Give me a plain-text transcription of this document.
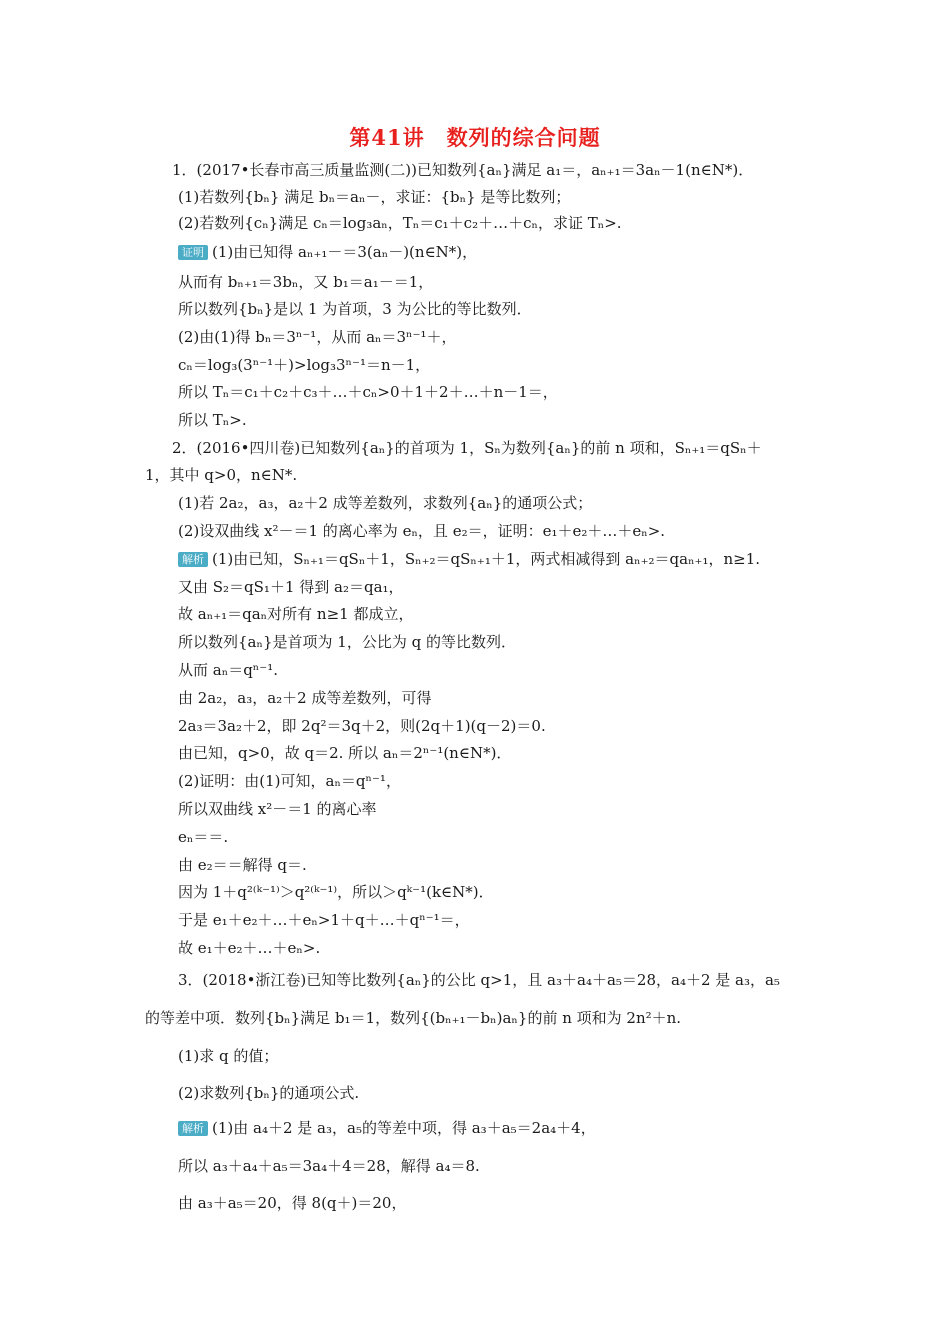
第41讲　数列的综合问题
1．(2017•长春市高三质量监测(二))已知数列{aₙ}满足 a₁＝，aₙ₊₁＝3aₙ－1(n∈N*)．
(1)若数列{bₙ} 满足 bₙ＝aₙ－，求证：{bₙ} 是等比数列；
(2)若数列{cₙ}满足 cₙ＝log₃aₙ，Tₙ＝c₁＋c₂＋…＋cₙ，求证 Tₙ>.
证明 (1)由已知得 aₙ₊₁－＝3(aₙ－)(n∈N*)，
从而有 bₙ₊₁＝3bₙ，又 b₁＝a₁－＝1，
所以数列{bₙ}是以 1 为首项，3 为公比的等比数列．
(2)由(1)得 bₙ＝3ⁿ⁻¹，从而 aₙ＝3ⁿ⁻¹＋，
cₙ＝log₃(3ⁿ⁻¹＋)>log₃3ⁿ⁻¹＝n－1，
所以 Tₙ＝c₁＋c₂＋c₃＋…＋cₙ>0＋1＋2＋…＋n－1＝，
所以 Tₙ>.
2．(2016•四川卷)已知数列{aₙ}的首项为 1，Sₙ为数列{aₙ}的前 n 项和，Sₙ₊₁＝qSₙ＋
1，其中 q>0，n∈N*.
(1)若 2a₂，a₃，a₂＋2 成等差数列，求数列{aₙ}的通项公式；
(2)设双曲线 x²－＝1 的离心率为 eₙ，且 e₂＝，证明：e₁＋e₂＋…＋eₙ>.
解析 (1)由已知，Sₙ₊₁＝qSₙ＋1，Sₙ₊₂＝qSₙ₊₁＋1，两式相减得到 aₙ₊₂＝qaₙ₊₁，n≥1.
又由 S₂＝qS₁＋1 得到 a₂＝qa₁，
故 aₙ₊₁＝qaₙ对所有 n≥1 都成立，
所以数列{aₙ}是首项为 1，公比为 q 的等比数列．
从而 aₙ＝qⁿ⁻¹.
由 2a₂，a₃，a₂＋2 成等差数列，可得
2a₃＝3a₂＋2，即 2q²＝3q＋2，则(2q＋1)(q－2)＝0.
由已知，q>0，故 q＝2. 所以 aₙ＝2ⁿ⁻¹(n∈N*)．
(2)证明：由(1)可知，aₙ＝qⁿ⁻¹，
所以双曲线 x²－＝1 的离心率
eₙ＝＝.
由 e₂＝＝解得 q＝.
因为 1＋q²⁽ᵏ⁻¹⁾＞q²⁽ᵏ⁻¹⁾，所以＞qᵏ⁻¹(k∈N*)．
于是 e₁＋e₂＋…＋eₙ>1＋q＋…＋qⁿ⁻¹＝，
故 e₁＋e₂＋…＋eₙ>.
3．(2018•浙江卷)已知等比数列{aₙ}的公比 q>1，且 a₃＋a₄＋a₅＝28，a₄＋2 是 a₃，a₅
的等差中项．数列{bₙ}满足 b₁＝1，数列{(bₙ₊₁－bₙ)aₙ}的前 n 项和为 2n²＋n.
(1)求 q 的值；
(2)求数列{bₙ}的通项公式.
解析 (1)由 a₄＋2 是 a₃，a₅的等差中项，得 a₃＋a₅＝2a₄＋4，
所以 a₃＋a₄＋a₅＝3a₄＋4＝28，解得 a₄＝8.
由 a₃＋a₅＝20，得 8(q＋)＝20，
